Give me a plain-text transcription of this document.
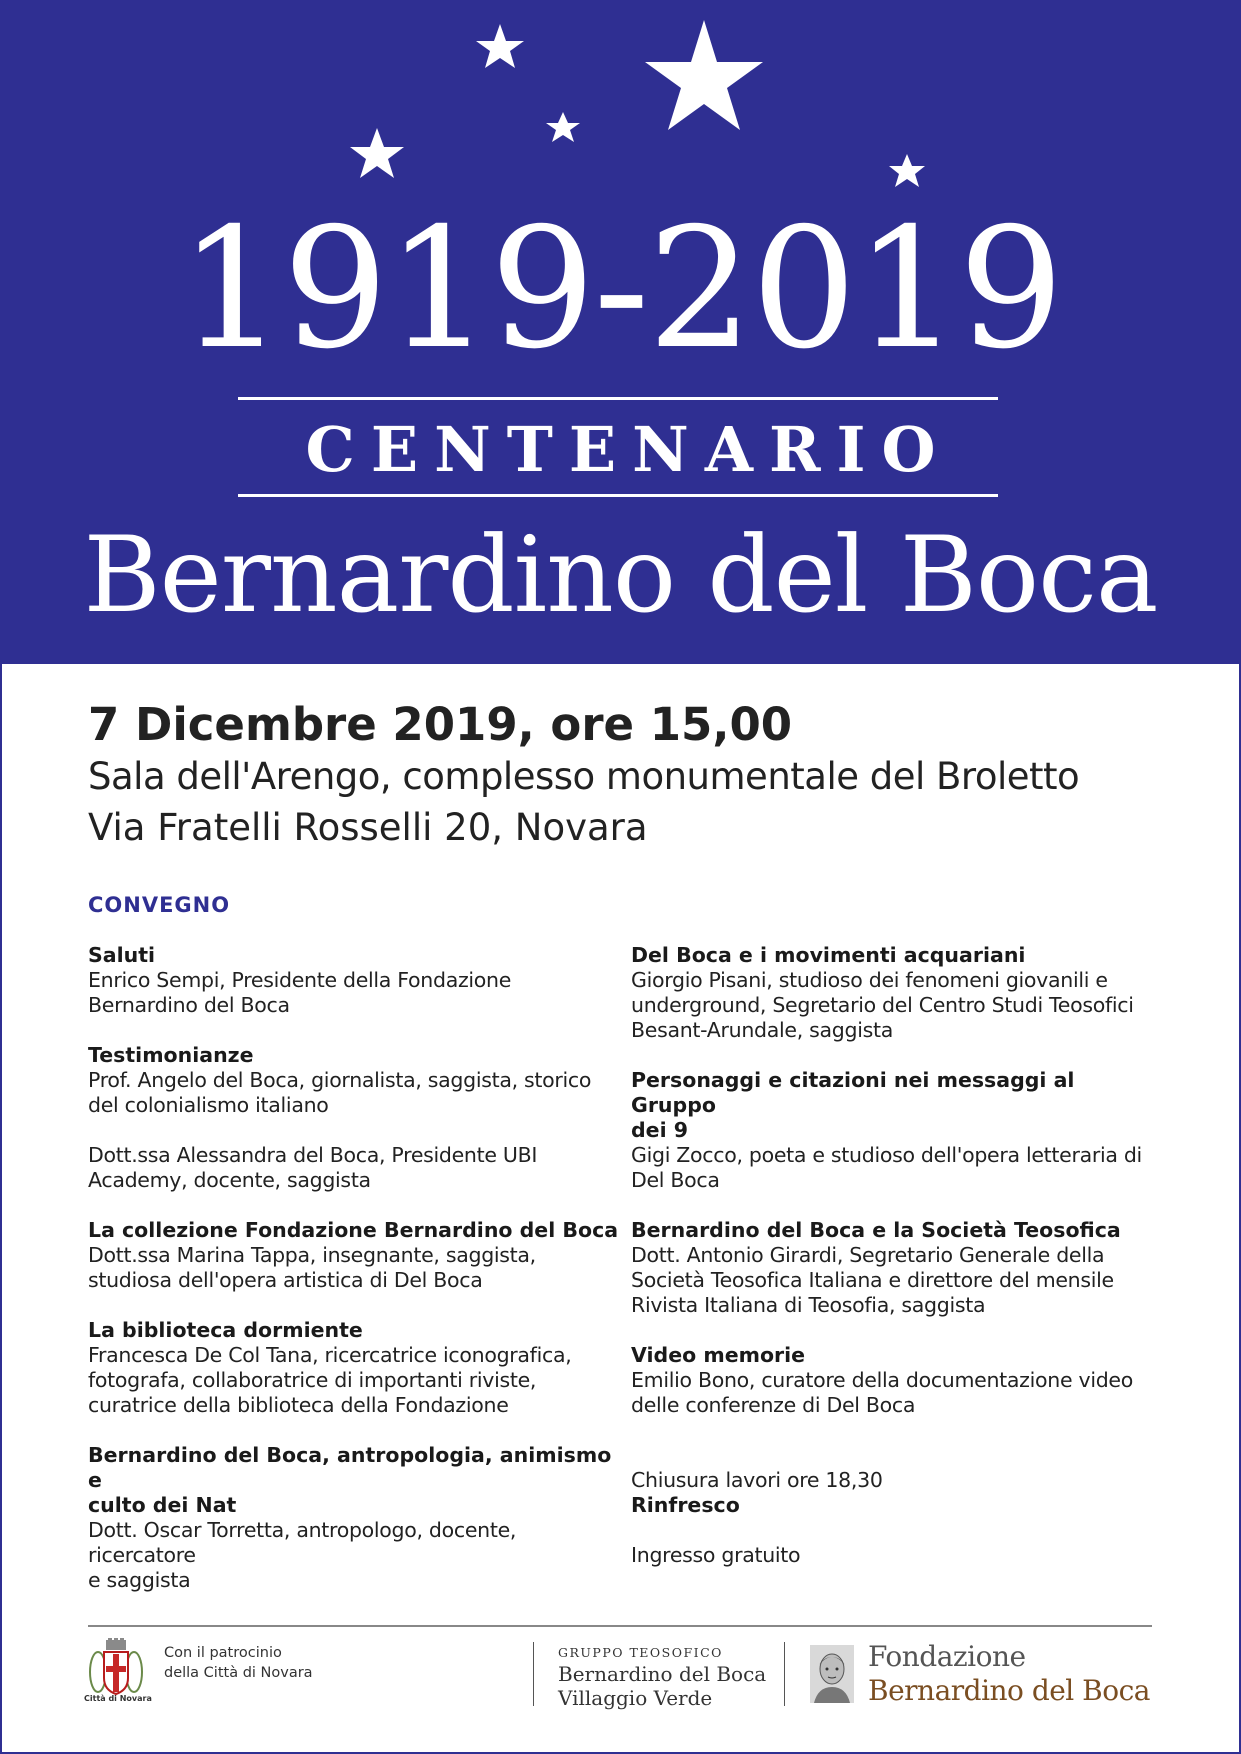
1919-2019
CENTENARIO
Bernardino del Boca
7 Dicembre 2019, ore 15,00
Sala dell'Arengo, complesso monumentale del Broletto
Via Fratelli Rosselli 20, Novara
CONVEGNO
Saluti
Enrico Sempi, Presidente della Fondazione
Bernardino del Boca
Testimonianze
Prof. Angelo del Boca, giornalista, saggista, storico
del colonialismo italiano
Dott.ssa Alessandra del Boca, Presidente UBI
Academy, docente, saggista
La collezione Fondazione Bernardino del Boca
Dott.ssa Marina Tappa, insegnante, saggista,
studiosa dell'opera artistica di Del Boca
La biblioteca dormiente
Francesca De Col Tana, ricercatrice iconografica,
fotografa, collaboratrice di importanti riviste,
curatrice della biblioteca della Fondazione
Bernardino del Boca, antropologia, animismo e
culto dei Nat
Dott. Oscar Torretta, antropologo, docente, ricercatore
e saggista
Del Boca e i movimenti acquariani
Giorgio Pisani, studioso dei fenomeni giovanili e
underground, Segretario del Centro Studi Teosofici
Besant-Arundale, saggista
Personaggi e citazioni nei messaggi al Gruppo
dei 9
Gigi Zocco, poeta e studioso dell'opera letteraria di
Del Boca
Bernardino del Boca e la Società Teosofica
Dott. Antonio Girardi, Segretario Generale della
Società Teosofica Italiana e direttore del mensile
Rivista Italiana di Teosofia, saggista
Video memorie
Emilio Bono, curatore della documentazione video
delle conferenze di Del Boca
Chiusura lavori ore 18,30
Rinfresco
Ingresso gratuito
Città di Novara
Con il patrocinio
della Città di Novara
GRUPPO TEOSOFICO
Bernardino del Boca
Villaggio Verde
Fondazione
Bernardino del Boca
